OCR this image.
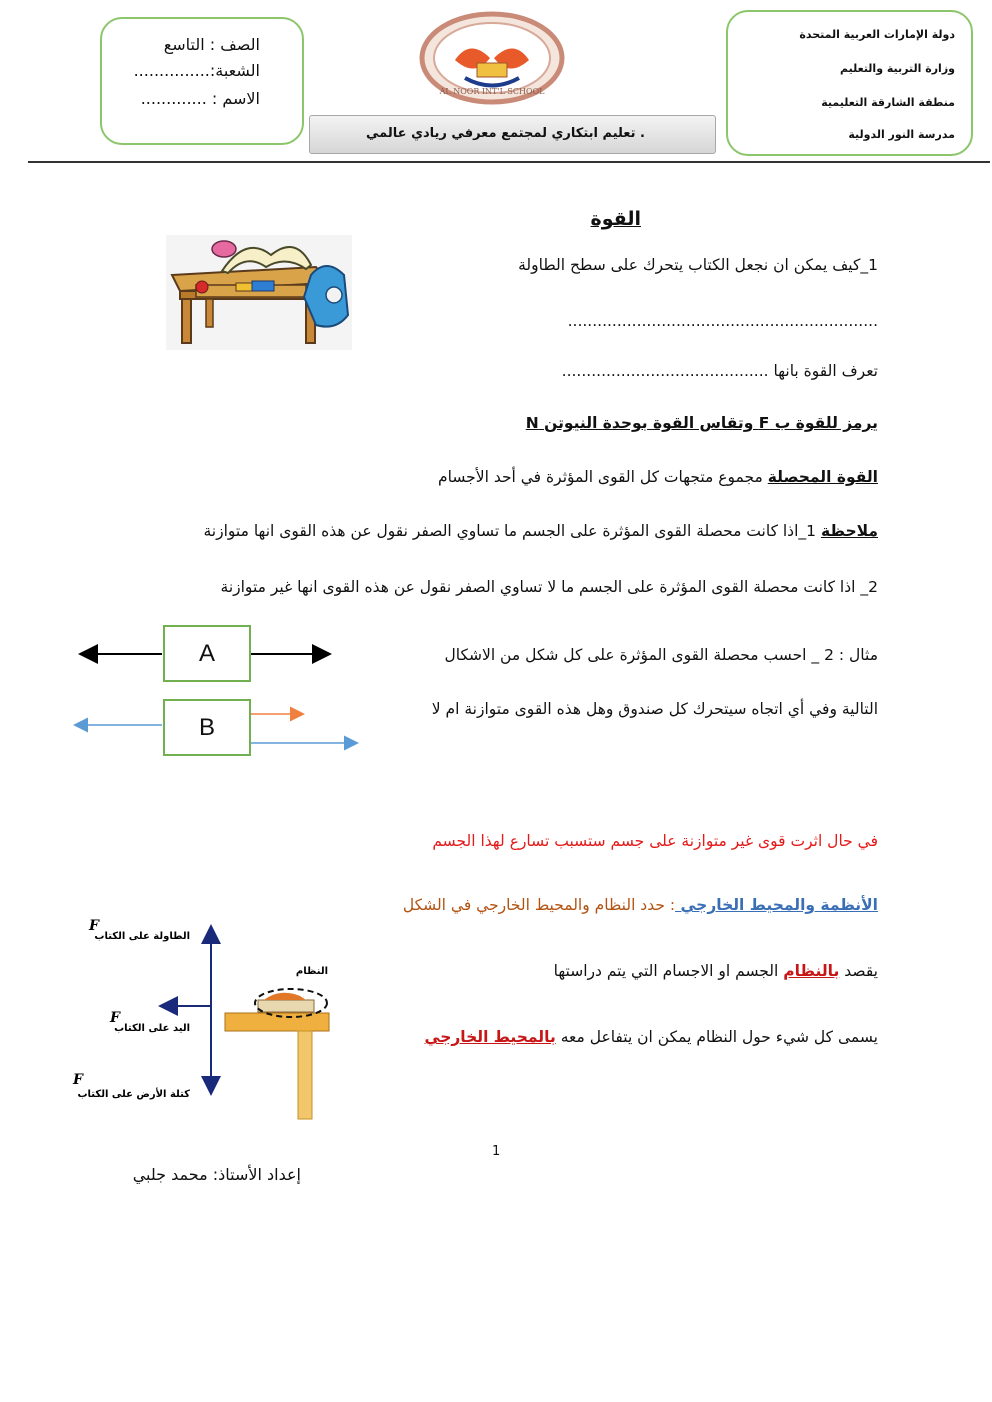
الصف : التاسع
الشعبة:...............
الاسم : .............	AL NOOR INT'L SCHOOL
. تعليم ابتكاري لمجتمع معرفي ريادي عالمي
دولة الإمارات العربية المتحدة
وزارة التربية والتعليم
منطقة الشارقة التعليمية
مدرسة النور الدولية
القوة
1_كيف يمكن ان نجعل الكتاب يتحرك على سطح الطاولة
...............................................................
تعرف القوة بانها ..........................................
يرمز للقوة ب F وتقاس القوة بوحدة النيوتن N
القوة المحصلة مجموع متجهات كل القوى المؤثرة في أحد الأجسام
ملاحظة 1_اذا كانت محصلة القوى المؤثرة على الجسم ما تساوي الصفر نقول عن هذه القوى انها متوازنة
2_ اذا كانت محصلة القوى المؤثرة على الجسم ما لا تساوي الصفر نقول عن هذه القوى انها غير متوازنة
مثال : 2 _ احسب محصلة القوى المؤثرة على كل شكل من الاشكال
التالية وفي أي اتجاه سيتحرك كل صندوق وهل هذه القوى متوازنة ام لا
A
B
في حال اثرت قوى غير متوازنة على جسم ستسبب تسارع لهذا الجسم
الأنظمة والمحيط الخارجي : حدد النظام والمحيط الخارجي في الشكل
يقصد بالنظام الجسم او الاجسام التي يتم دراستها
يسمى كل شيء حول النظام يمكن ان يتفاعل معه بالمحيط الخارجي
النظام
الطاولة على الكتاب
F
اليد على الكتاب
F
كتلة الأرض على الكتاب
F
1
إعداد الأستاذ: محمد جلبي
